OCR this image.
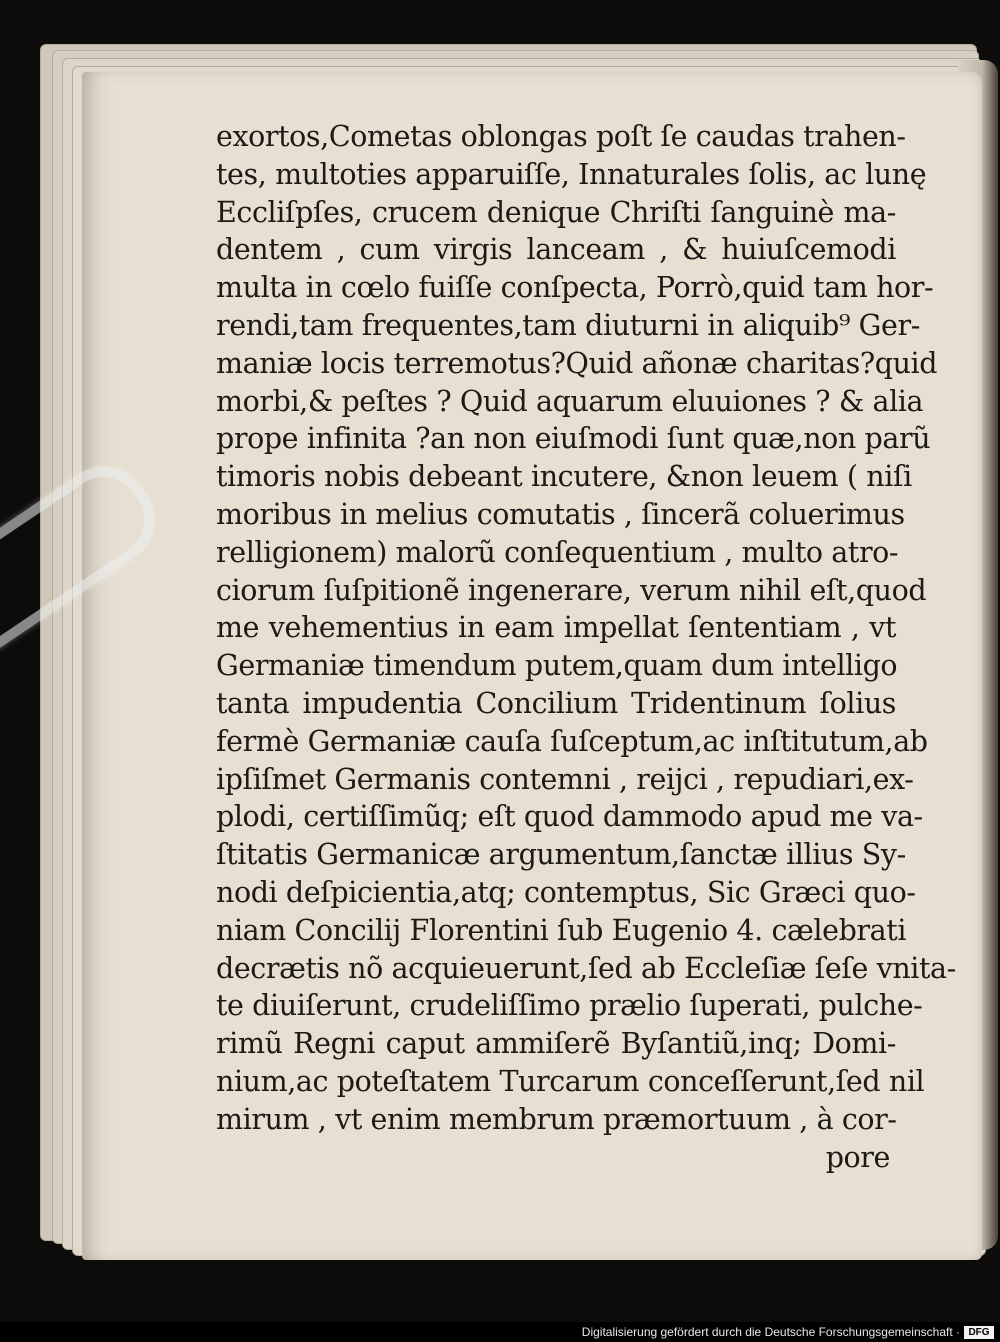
exortos,Cometas oblongas poſt ſe caudas trahen-
tes, multoties apparuiſſe, Innaturales ſolis, ac lunę
Eccliſpſes, crucem denique Chriſti ſanguinè ma-
dentem , cum virgis lanceam , & huiuſcemodi
multa in cœlo fuiſſe conſpecta, Porrò,quid tam hor-
rendi,tam frequentes,tam diuturni in aliquib⁹ Ger-
maniæ locis terremotus?Quid añonæ charitas?quid
morbi,& peſtes ? Quid aquarum eluuiones ? & alia
prope infinita ?an non eiuſmodi ſunt quæ,non parũ
timoris nobis debeant incutere, &non leuem ( niſi
moribus in melius comutatis , ſincerã coluerimus
relligionem) malorũ conſequentium , multo atro-
ciorum ſuſpitionẽ ingenerare, verum nihil eſt,quod
me vehementius in eam impellat ſententiam , vt
Germaniæ timendum putem,quam dum intelligo
tanta impudentia Concilium Tridentinum ſolius
fermè Germaniæ cauſa ſuſceptum,ac inſtitutum,ab
ipſiſmet Germanis contemni , reijci , repudiari,ex-
plodi, certiſſimũq; eſt quod dammodo apud me va-
ſtitatis Germanicæ argumentum,ſanctæ illius Sy-
nodi deſpicientia,atq; contemptus, Sic Græci quo-
niam Concilij Florentini ſub Eugenio 4. cælebrati
decrætis nõ acquieuerunt,ſed ab Eccleſiæ ſeſe vnita-
te diuiſerunt, crudeliſſimo prælio ſuperati, pulche-
rimũ Regni caput ammiſerẽ Byſantiũ,inq; Domi-
nium,ac poteſtatem Turcarum conceſſerunt,ſed nil
mirum , vt enim membrum præmortuum , à cor-
pore
Digitalisierung gefördert durch die Deutsche Forschungsgemeinschaft · DFG
